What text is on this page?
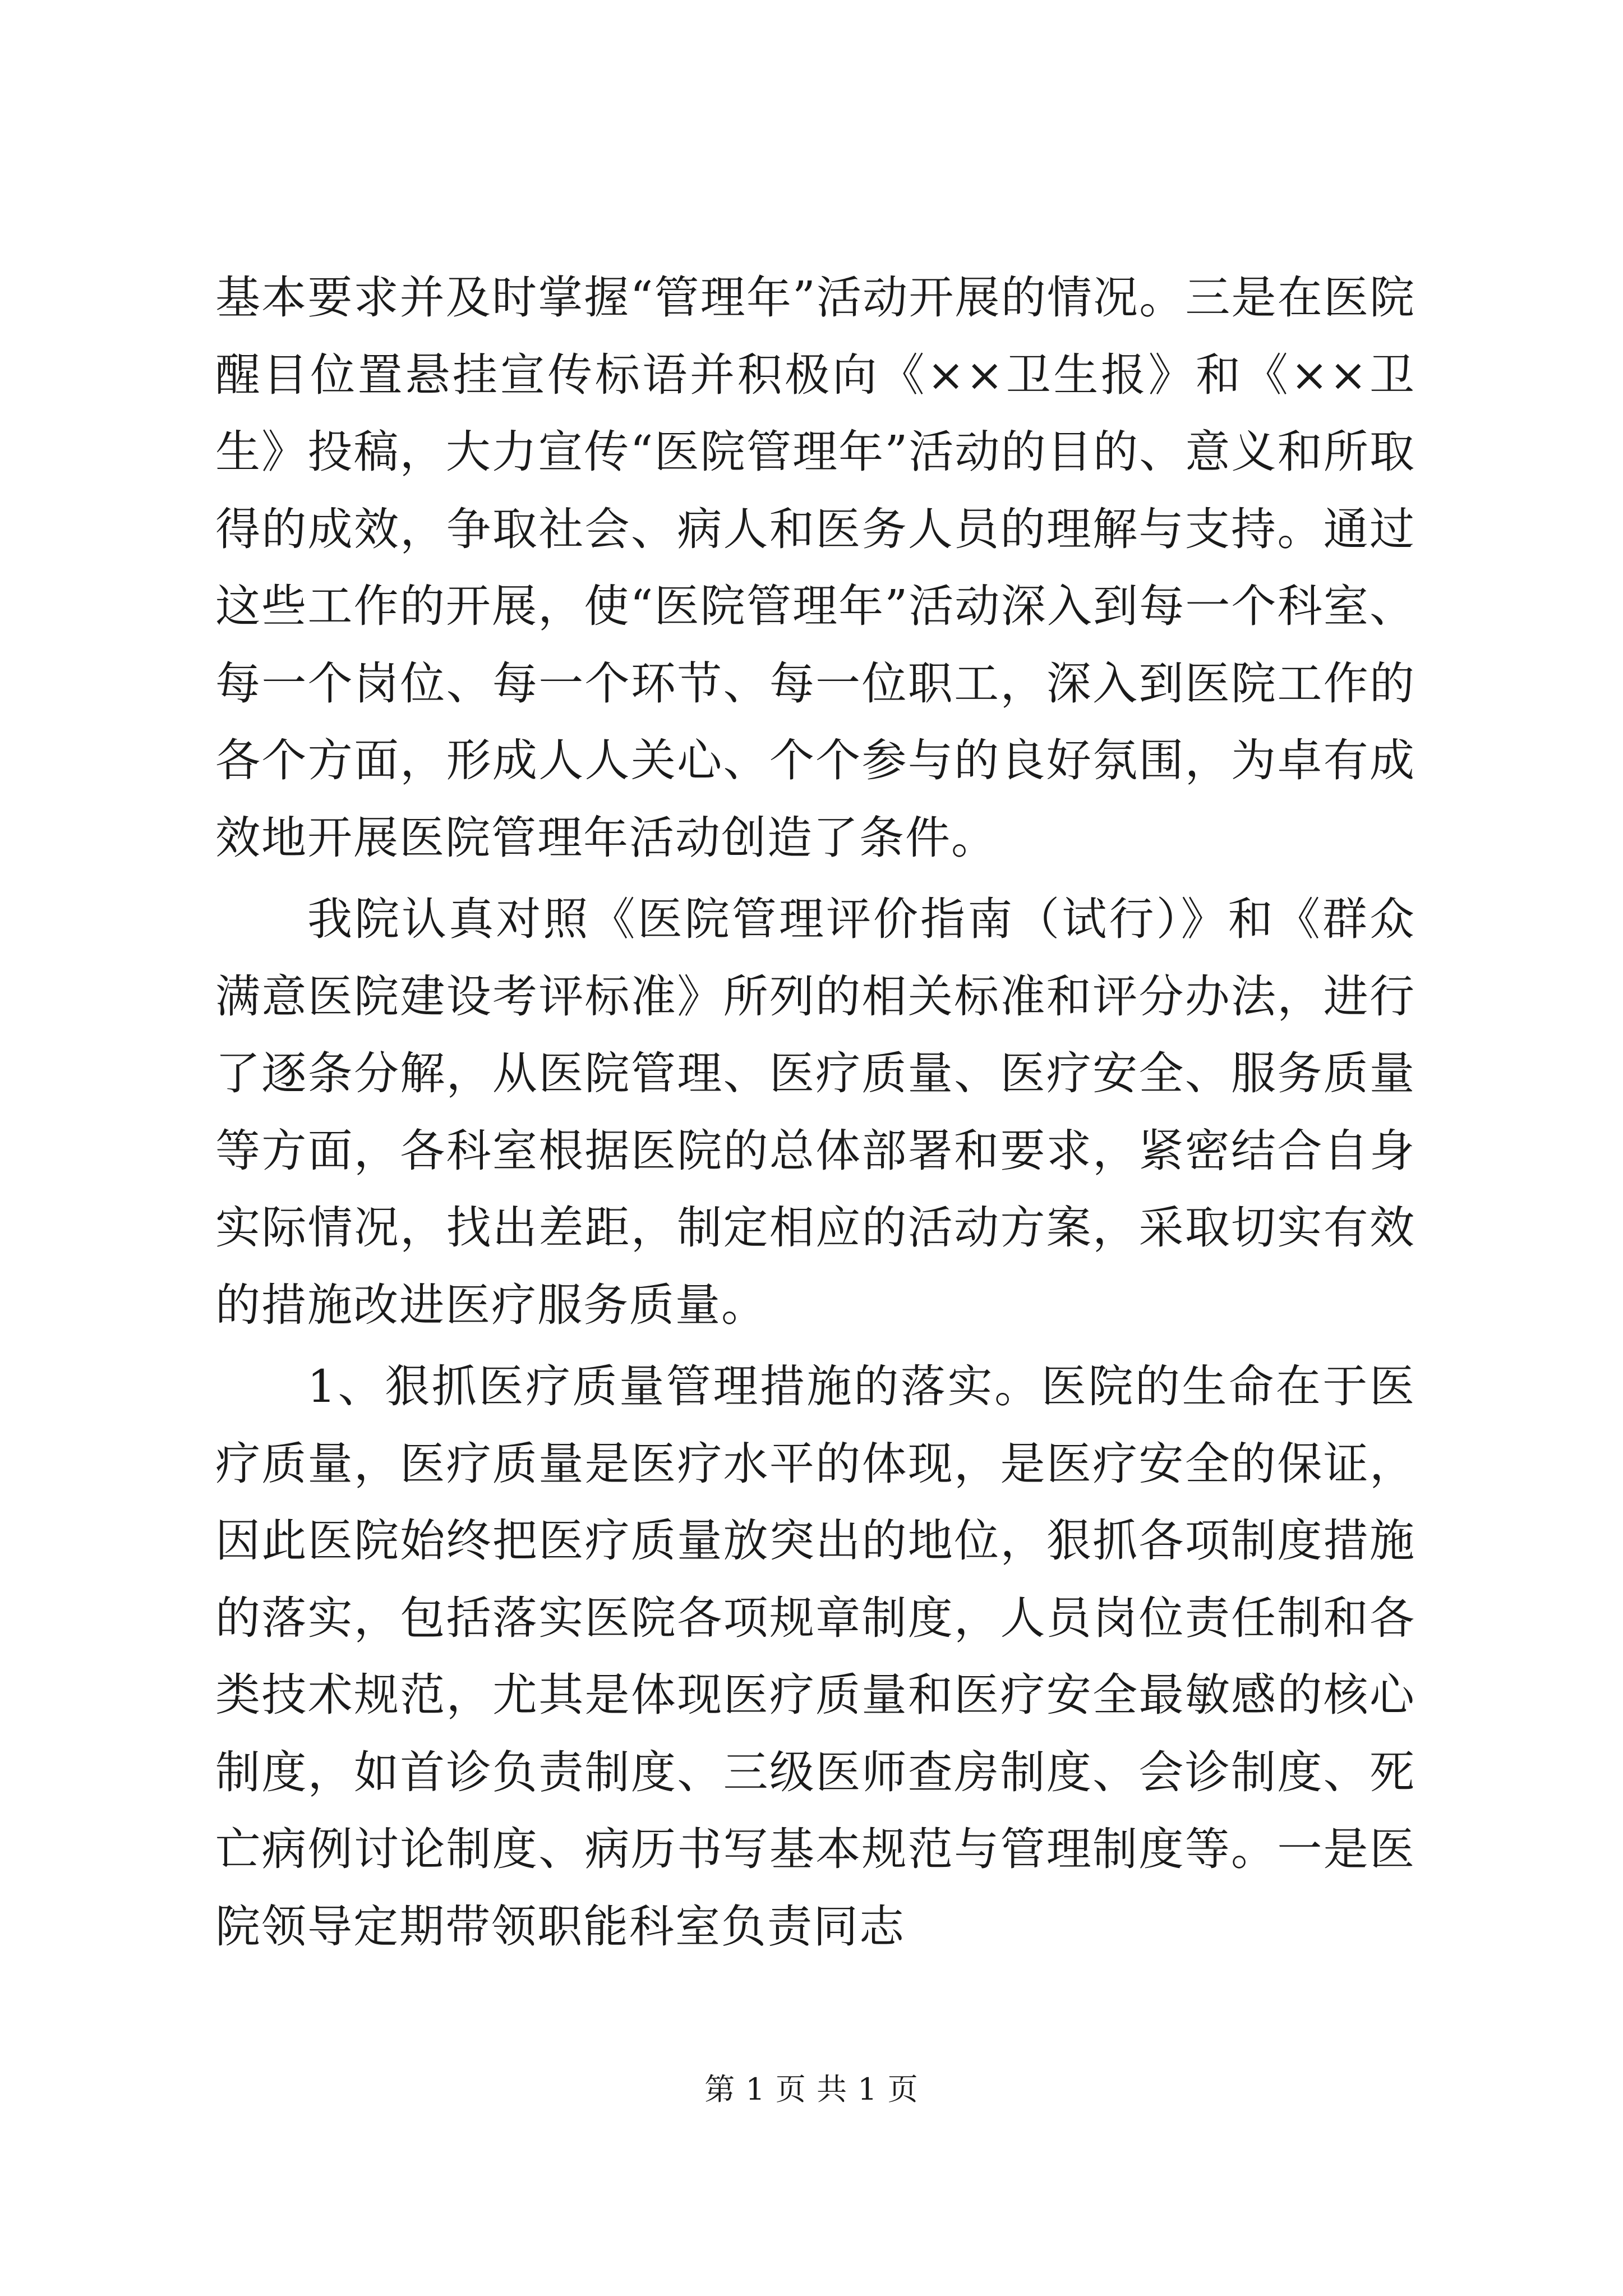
基本要求并及时掌握“管理年”活动开展的情况。三是在医院醒目位置悬挂宣传标语并积极向《××卫生报》和《××卫生》投稿，大力宣传“医院管理年”活动的目的、意义和所取得的成效，争取社会、病人和医务人员的理解与支持。通过这些工作的开展，使“医院管理年”活动深入到每一个科室、每一个岗位、每一个环节、每一位职工，深入到医院工作的各个方面，形成人人关心、个个参与的良好氛围，为卓有成效地开展医院管理年活动创造了条件。

我院认真对照《医院管理评价指南（试行）》和《群众满意医院建设考评标准》所列的相关标准和评分办法，进行了逐条分解，从医院管理、医疗质量、医疗安全、服务质量等方面，各科室根据医院的总体部署和要求，紧密结合自身实际情况，找出差距，制定相应的活动方案，采取切实有效的措施改进医疗服务质量。

1、狠抓医疗质量管理措施的落实。医院的生命在于医疗质量，医疗质量是医疗水平的体现，是医疗安全的保证，因此医院始终把医疗质量放突出的地位，狠抓各项制度措施的落实，包括落实医院各项规章制度，人员岗位责任制和各类技术规范，尤其是体现医疗质量和医疗安全最敏感的核心制度，如首诊负责制度、三级医师查房制度、会诊制度、死亡病例讨论制度、病历书写基本规范与管理制度等。一是医院领导定期带领职能科室负责同志

第 1 页 共 1 页
